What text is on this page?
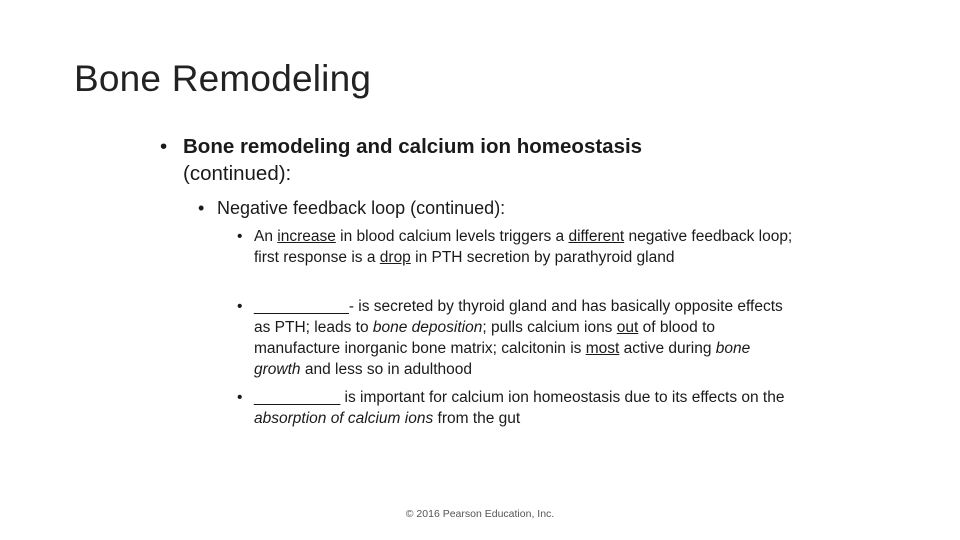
Bone Remodeling
• Bone remodeling and calcium ion homeostasis
(continued):
• Negative feedback loop (continued):
• An increase in blood calcium levels triggers a different negative feedback loop; first response is a drop in PTH secretion by parathyroid gland
• ___________- is secreted by thyroid gland and has basically opposite effects as PTH; leads to bone deposition; pulls calcium ions out of blood to manufacture inorganic bone matrix; calcitonin is most active during bone growth and less so in adulthood
• __________ is important for calcium ion homeostasis due to its effects on the absorption of calcium ions from the gut
© 2016 Pearson Education, Inc.
